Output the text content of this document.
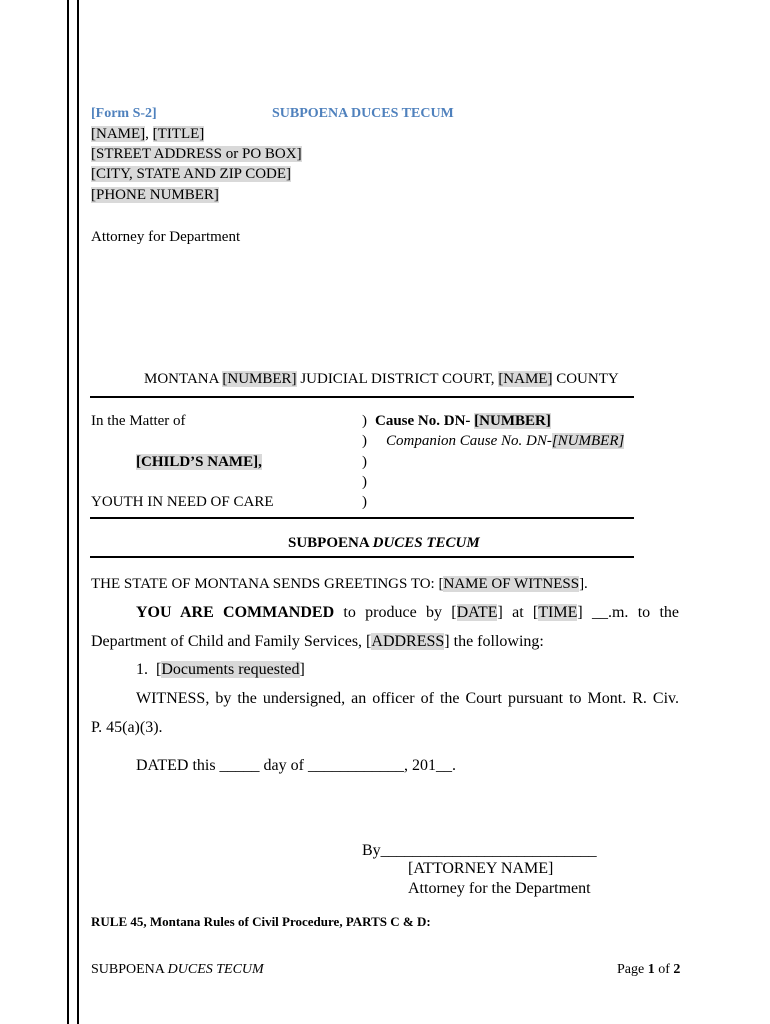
[Form S-2]	SUBPOENA DUCES TECUM
[NAME], [TITLE]
[STREET ADDRESS or PO BOX]
[CITY, STATE AND ZIP CODE]
[PHONE NUMBER]
Attorney for Department
MONTANA [NUMBER] JUDICIAL DISTRICT COURT, [NAME] COUNTY
In the Matter of
[CHILD’S NAME],
YOUTH IN NEED OF CARE
)
)
)
)
)
Cause No. DN- [NUMBER]
Companion Cause No. DN-[NUMBER]
SUBPOENA DUCES TECUM
THE STATE OF MONTANA SENDS GREETINGS TO: [NAME OF WITNESS].
YOU ARE COMMANDED to produce by [DATE] at [TIME] __.m. to the
Department of Child and Family Services, [ADDRESS] the following:
1. [Documents requested]
WITNESS, by the undersigned, an officer of the Court pursuant to Mont. R. Civ.
P. 45(a)(3).
DATED this _____ day of ____________, 201__.
By___________________________
[ATTORNEY NAME]
Attorney for the Department
RULE 45, Montana Rules of Civil Procedure, PARTS C & D:
SUBPOENA DUCES TECUM	Page 1 of 2
